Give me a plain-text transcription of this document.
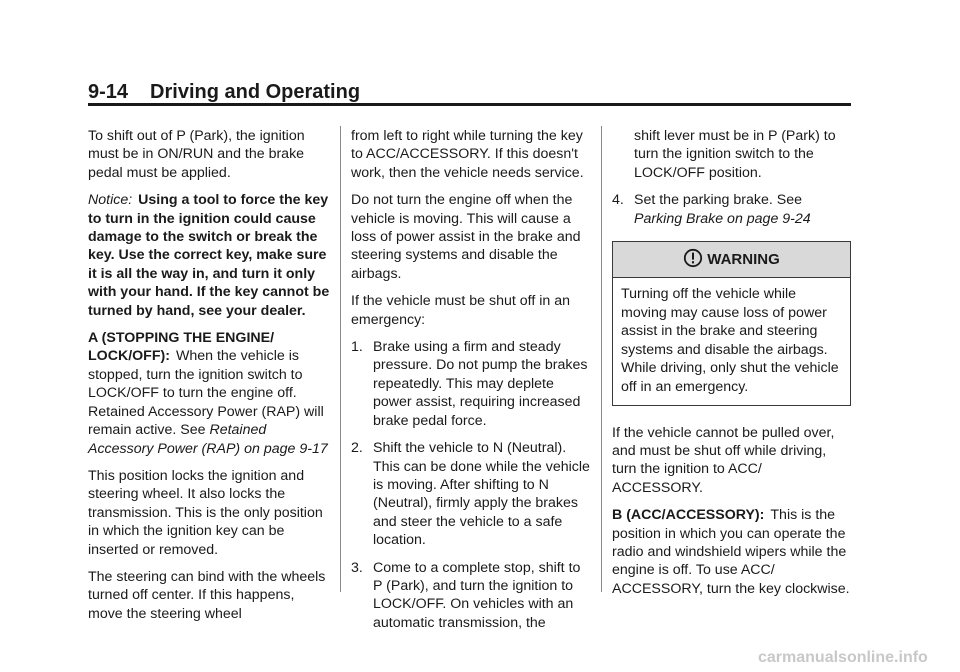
9-14 Driving and Operating

To shift out of P (Park), the ignition must be in ON/RUN and the brake pedal must be applied.

Notice: Using a tool to force the key to turn in the ignition could cause damage to the switch or break the key. Use the correct key, make sure it is all the way in, and turn it only with your hand. If the key cannot be turned by hand, see your dealer.

A (STOPPING THE ENGINE/ LOCK/OFF): When the vehicle is stopped, turn the ignition switch to LOCK/OFF to turn the engine off. Retained Accessory Power (RAP) will remain active. See Retained Accessory Power (RAP) on page 9-17

This position locks the ignition and steering wheel. It also locks the transmission. This is the only position in which the ignition key can be inserted or removed.

The steering can bind with the wheels turned off center. If this happens, move the steering wheel

from left to right while turning the key to ACC/ACCESSORY. If this doesn't work, then the vehicle needs service.

Do not turn the engine off when the vehicle is moving. This will cause a loss of power assist in the brake and steering systems and disable the airbags.

If the vehicle must be shut off in an emergency:

1. Brake using a firm and steady pressure. Do not pump the brakes repeatedly. This may deplete power assist, requiring increased brake pedal force.
2. Shift the vehicle to N (Neutral). This can be done while the vehicle is moving. After shifting to N (Neutral), firmly apply the brakes and steer the vehicle to a safe location.
3. Come to a complete stop, shift to P (Park), and turn the ignition to LOCK/OFF. On vehicles with an automatic transmission, the
shift lever must be in P (Park) to turn the ignition switch to the LOCK/OFF position.
4. Set the parking brake. See
Parking Brake on page 9-24
WARNING
Turning off the vehicle while moving may cause loss of power assist in the brake and steering systems and disable the airbags. While driving, only shut the vehicle off in an emergency.

If the vehicle cannot be pulled over, and must be shut off while driving, turn the ignition to ACC/ ACCESSORY.

B (ACC/ACCESSORY): This is the position in which you can operate the radio and windshield wipers while the engine is off. To use ACC/ ACCESSORY, turn the key clockwise.

carmanualsonline.info
